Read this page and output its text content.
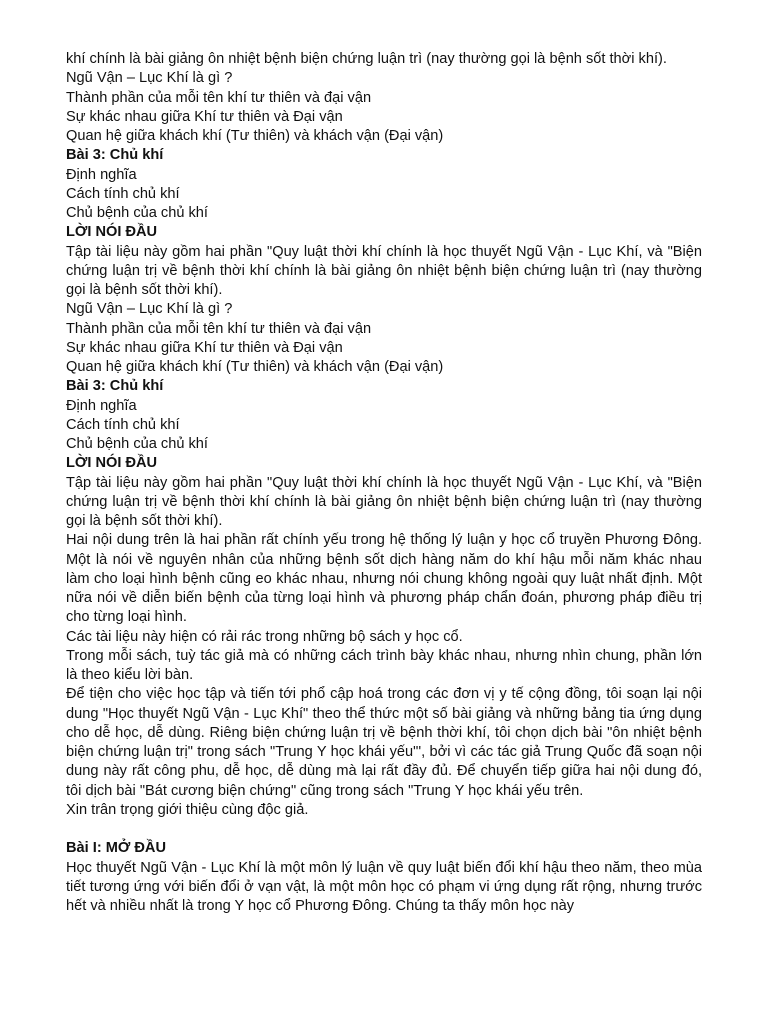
khí chính là bài giảng ôn nhiệt bệnh biện chứng luận trì (nay thường gọi là bệnh sốt thời khí).
Ngũ Vận – Lục Khí là gì ?
Thành phần của mỗi tên khí tư thiên và đại vận
Sự khác nhau giữa Khí tư thiên và Đại vận
Quan hệ giữa khách khí (Tư thiên) và khách vận (Đại vận)
Bài 3: Chủ khí
Định nghĩa
Cách tính chủ khí
Chủ bệnh của chủ khí
LỜI NÓI ĐẦU
Tập tài liệu này gồm hai phần "Quy luật thời khí chính là học thuyết Ngũ Vận - Lục Khí, và "Biện chứng luận trị về bệnh thời khí chính là bài giảng ôn nhiệt bệnh biện chứng luận trì (nay thường gọi là bệnh sốt thời khí).
Ngũ Vận – Lục Khí là gì ?
Thành phần của mỗi tên khí tư thiên và đại vận
Sự khác nhau giữa Khí tư thiên và Đại vận
Quan hệ giữa khách khí (Tư thiên) và khách vận (Đại vận)
Bài 3: Chủ khí
Định nghĩa
Cách tính chủ khí
Chủ bệnh của chủ khí
LỜI NÓI ĐẦU
Tập tài liệu này gồm hai phần "Quy luật thời khí chính là học thuyết Ngũ Vận - Lục Khí, và "Biện chứng luận trị về bệnh thời khí chính là bài giảng ôn nhiệt bệnh biện chứng luận trì (nay thường gọi là bệnh sốt thời khí).
Hai nội dung trên là hai phần rất chính yếu trong hệ thống lý luận y học cổ truyền Phương Đông. Một là nói về nguyên nhân của những bệnh sốt dịch hàng năm do khí hậu mỗi năm khác nhau làm cho loại hình bệnh cũng eo khác nhau, nhưng nói chung không ngoài quy luật nhất định. Một nữa nói về diễn biến bệnh của từng loại hình và phương pháp chẩn đoán, phương pháp điều trị cho từng loại hình.
Các tài liệu này hiện có rải rác trong những bộ sách y học cổ.
Trong mỗi sách, tuỳ tác giả mà có những cách trình bày khác nhau, nhưng nhìn chung, phần lớn là theo kiểu lời bàn.
Để tiện cho việc học tập và tiến tới phổ cập hoá trong các đơn vị y tế cộng đồng, tôi soạn lại nội dung "Học thuyết Ngũ Vận - Lục Khí" theo thể thức một số bài giảng và những bảng tia ứng dụng cho dễ học, dễ dùng. Riêng biện chứng luận trị về bệnh thời khí, tôi chọn dịch bài "ôn nhiệt bệnh biện chứng luận trị" trong sách "Trung Y học khái yếu"', bởi vì các tác giả Trung Quốc đã soạn nội dung này rất công phu, dễ học, dễ dùng mà lại rất đầy đủ. Để chuyển tiếp giữa hai nội dung đó, tôi dịch bài "Bát cương biện chứng" cũng trong sách "Trung Y học khái yếu trên.
Xin trân trọng giới thiệu cùng độc giả.
Bài I: MỞ ĐẦU
Học thuyết Ngũ Vận - Lục Khí là một môn lý luận về quy luật biến đổi khí hậu theo năm, theo mùa tiết tương ứng với biến đổi ở vạn vật, là một môn học có phạm vi ứng dụng rất rộng, nhưng trước hết và nhiều nhất là trong Y học cổ Phương Đông. Chúng ta thấy môn học này
